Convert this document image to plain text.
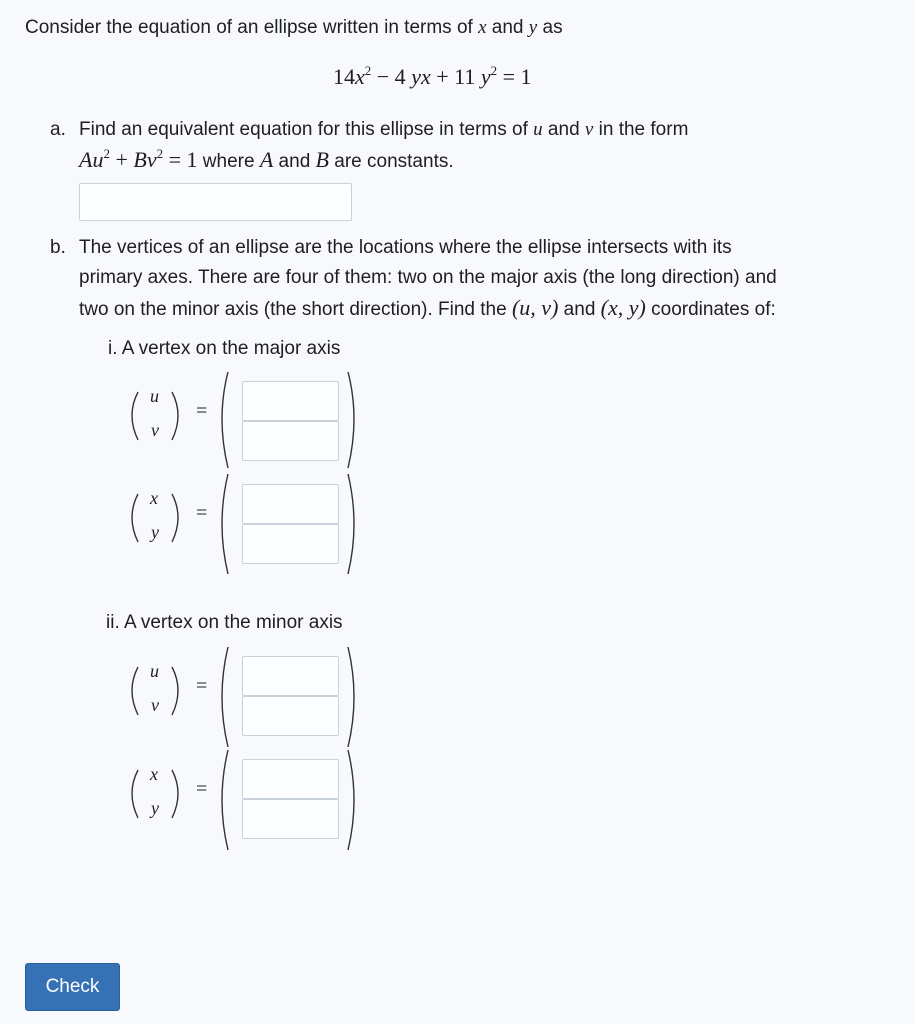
Consider the equation of an ellipse written in terms of x and y as
$14x^2 - 4$ yx + 11 $y^2 = 1$
a. Find an equivalent equation for this ellipse in terms of u and v in the form
$Au^2 + Bv^2 = 1$ where A and B are constants.
b. The vertices of an ellipse are the locations where the ellipse intersects with its
primary axes. There are four of them: two on the major axis (the long direction) and
two on the minor axis (the short direction). Find the (u, v) and (x, y) coordinates of:
i. A vertex on the major axis
u
v
=
x
y
=
ii. A vertex on the minor axis
u
v
=
x
y
=
Check
